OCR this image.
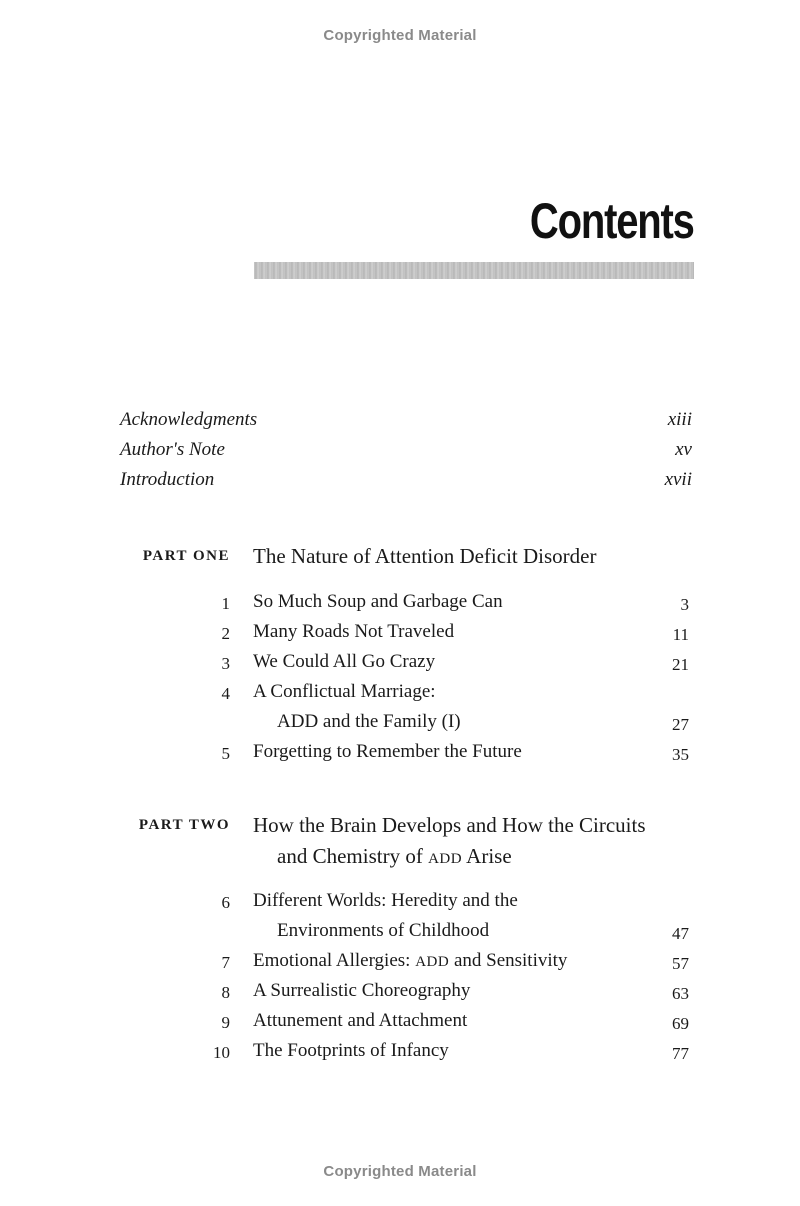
Copyrighted Material
Contents
Acknowledgments	xiii
Author's Note	xv
Introduction	xvii
PART ONE The Nature of Attention Deficit Disorder
1 So Much Soup and Garbage Can	3
2 Many Roads Not Traveled	11
3 We Could All Go Crazy	21
4 A Conflictual Marriage:
ADD and the Family (I)	27
5 Forgetting to Remember the Future	35
PART TWO How the Brain Develops and How the Circuits
and Chemistry of ADD Arise
6 Different Worlds: Heredity and the
Environments of Childhood	47
7 Emotional Allergies: ADD and Sensitivity	57
8 A Surrealistic Choreography	63
9 Attunement and Attachment	69
10 The Footprints of Infancy	77
Copyrighted Material
